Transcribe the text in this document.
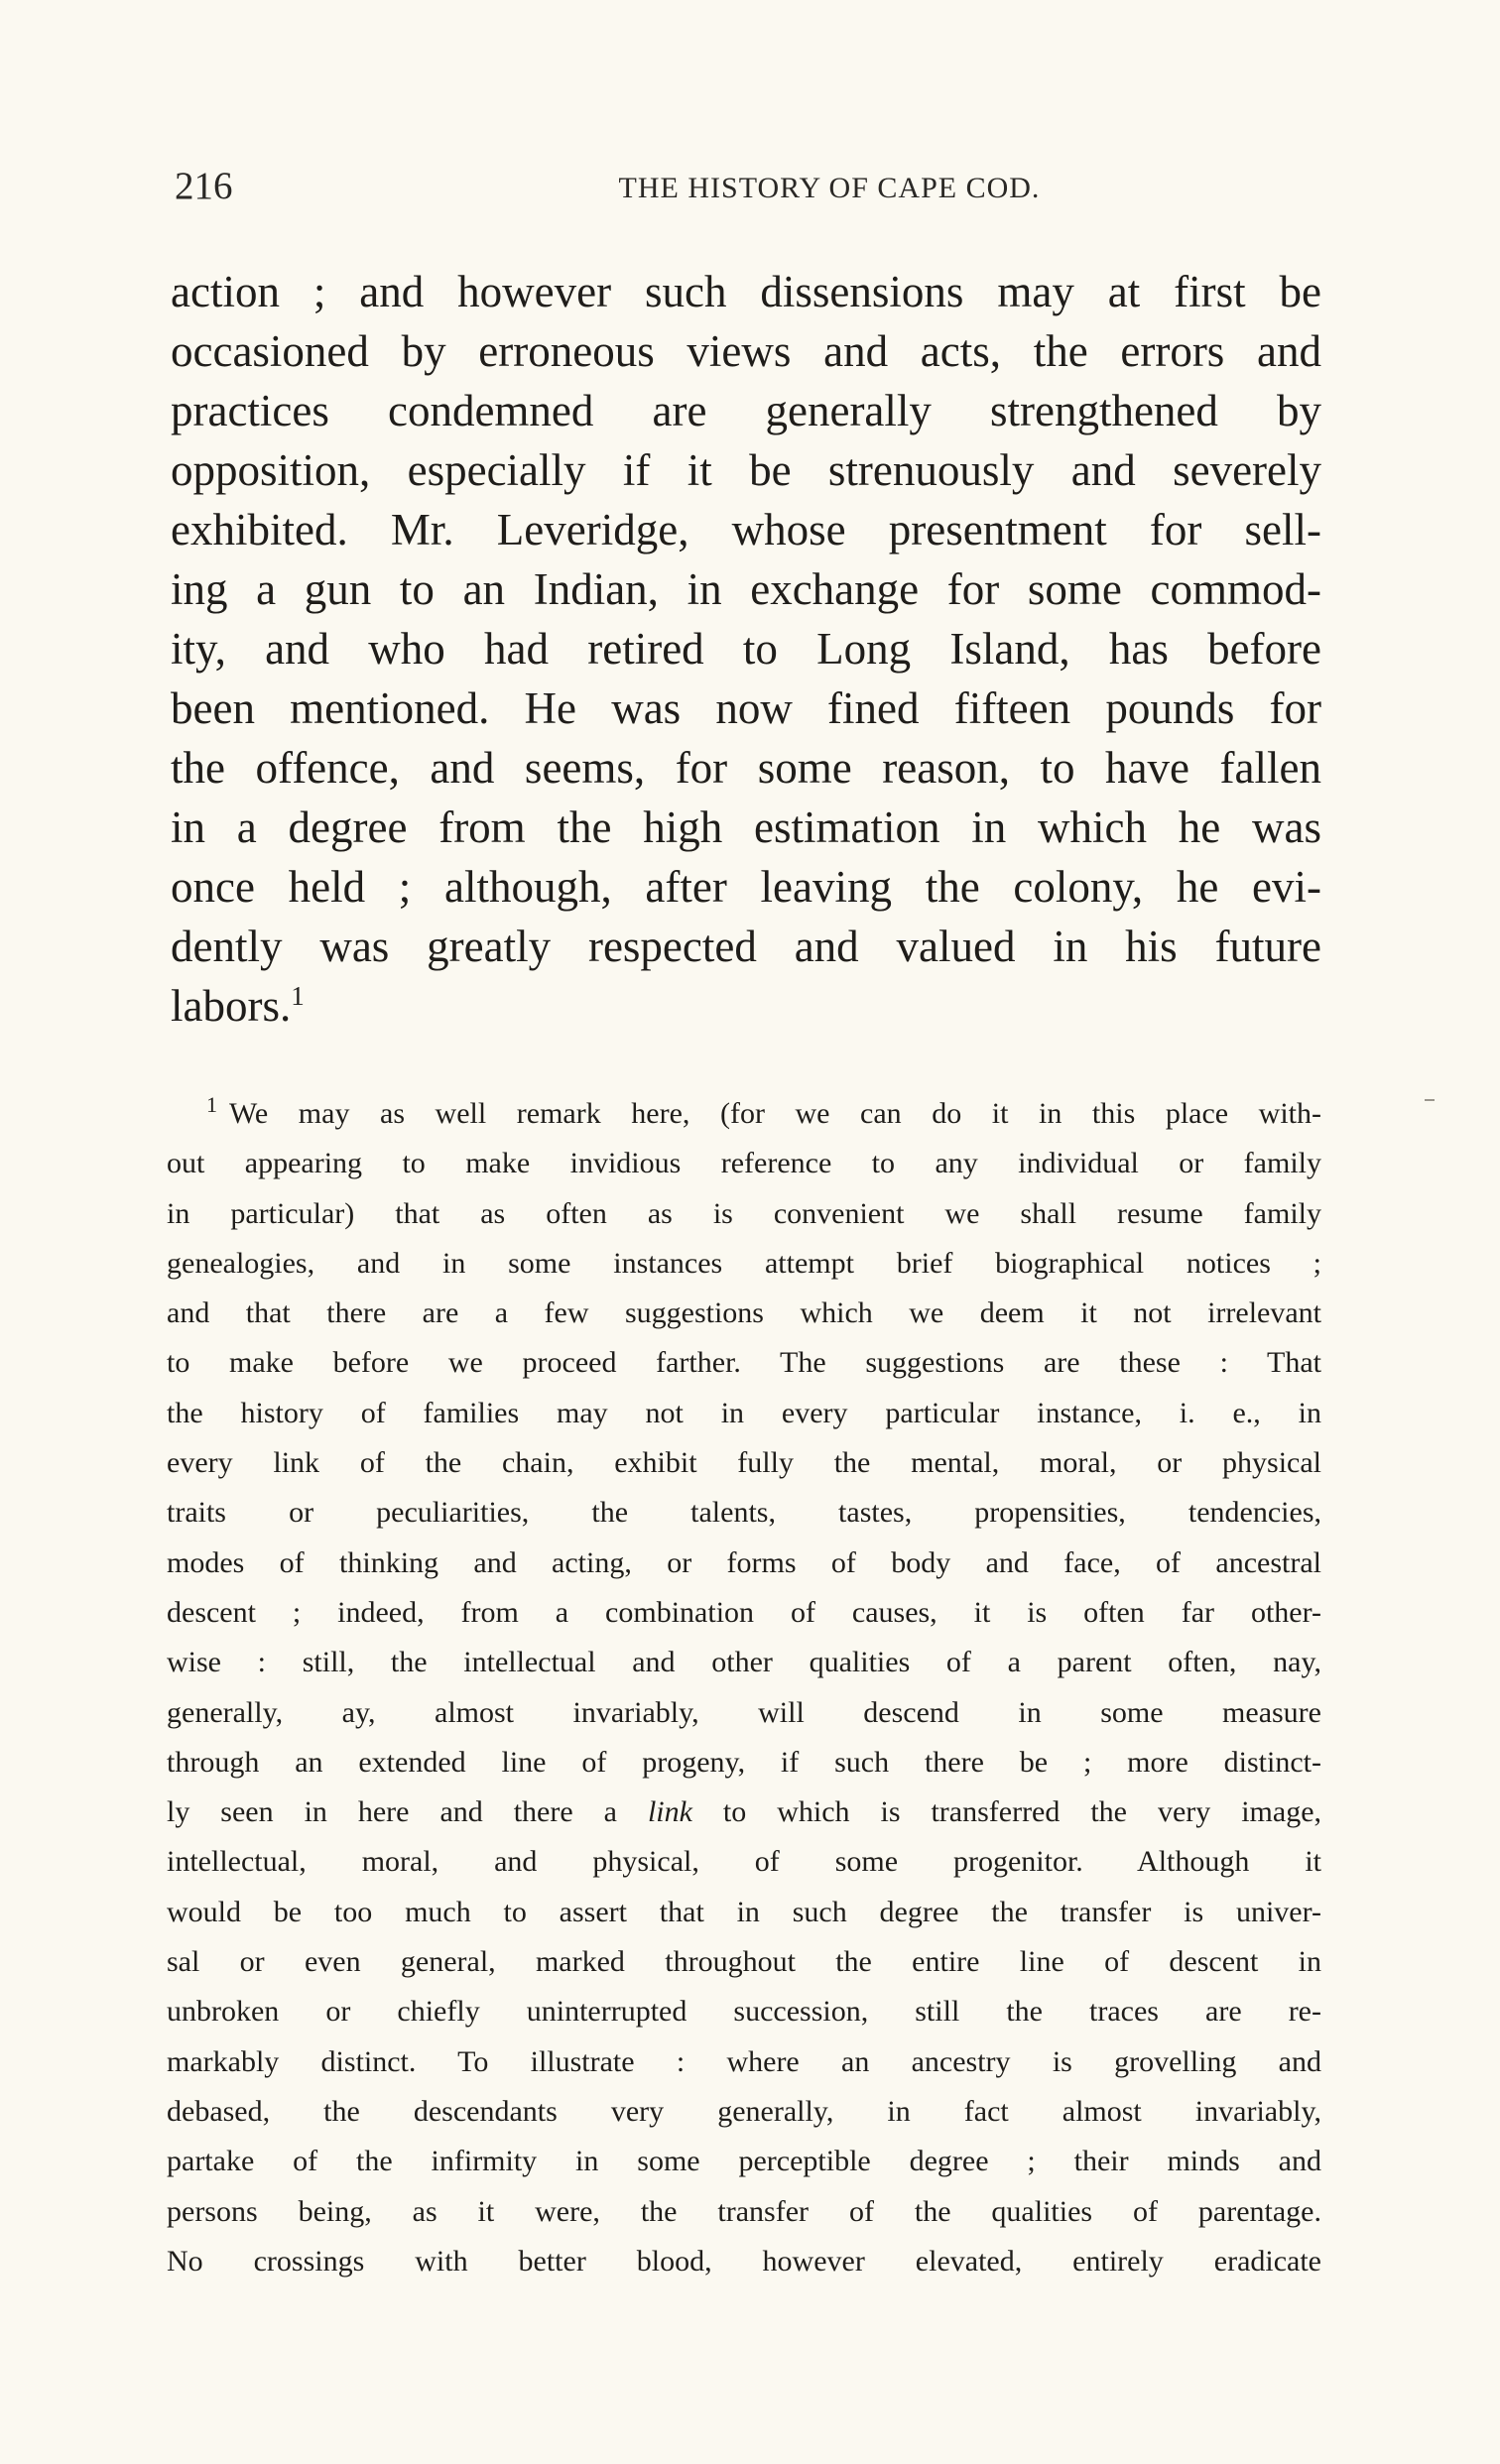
216	THE HISTORY OF CAPE COD.
action ; and however such dissensions may at first be
occasioned by erroneous views and acts, the errors and
practices condemned are generally strengthened by
opposition, especially if it be strenuously and severely
exhibited. Mr. Leveridge, whose presentment for sell-
ing a gun to an Indian, in exchange for some commod-
ity, and who had retired to Long Island, has before
been mentioned. He was now fined fifteen pounds for
the offence, and seems, for some reason, to have fallen
in a degree from the high estimation in which he was
once held ; although, after leaving the colony, he evi-
dently was greatly respected and valued in his future
labors.$^1$
$^1$ We may as well remark here, (for we can do it in this place with-
out appearing to make invidious reference to any individual or family
in particular) that as often as is convenient we shall resume family
genealogies, and in some instances attempt brief biographical notices ;
and that there are a few suggestions which we deem it not irrelevant
to make before we proceed farther. The suggestions are these : That
the history of families may not in every particular instance, i. e., in
every link of the chain, exhibit fully the mental, moral, or physical
traits or peculiarities, the talents, tastes, propensities, tendencies,
modes of thinking and acting, or forms of body and face, of ancestral
descent ; indeed, from a combination of causes, it is often far other-
wise : still, the intellectual and other qualities of a parent often, nay,
generally, ay, almost invariably, will descend in some measure
through an extended line of progeny, if such there be ; more distinct-
ly seen in here and there a link to which is transferred the very image,
intellectual, moral, and physical, of some progenitor. Although it
would be too much to assert that in such degree the transfer is univer-
sal or even general, marked throughout the entire line of descent in
unbroken or chiefly uninterrupted succession, still the traces are re-
markably distinct. To illustrate : where an ancestry is grovelling and
debased, the descendants very generally, in fact almost invariably,
partake of the infirmity in some perceptible degree ; their minds and
persons being, as it were, the transfer of the qualities of parentage.
No crossings with better blood, however elevated, entirely eradicate
